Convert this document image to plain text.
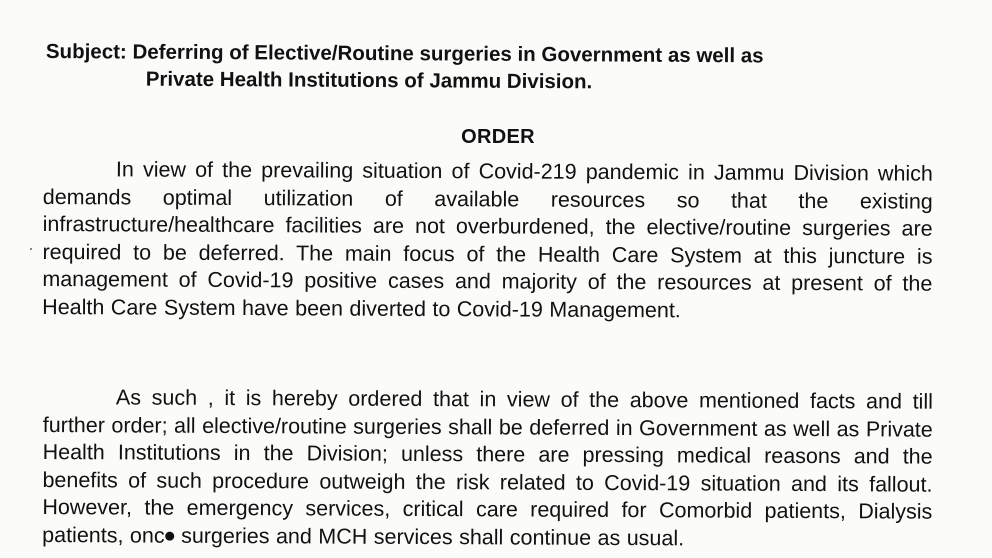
Subject: Deferring of Elective/Routine surgeries in Government as well as
Private Health Institutions of Jammu Division.
ORDER
In view of the prevailing situation of Covid-219 pandemic in Jammu Division which demands optimal utilization of available resources so that the existing infrastructure/healthcare facilities are not overburdened, the elective/routine surgeries are required to be deferred. The main focus of the Health Care System at this juncture is management of Covid-19 positive cases and majority of the resources at present of the Health Care System have been diverted to Covid-19 Management.
As such , it is hereby ordered that in view of the above mentioned facts and till further order; all elective/routine surgeries shall be deferred in Government as well as Private Health Institutions in the Division; unless there are pressing medical reasons and the benefits of such procedure outweigh the risk related to Covid-19 situation and its fallout. However, the emergency services, critical care required for Comorbid patients, Dialysis patients, onc surgeries and MCH services shall continue as usual.
